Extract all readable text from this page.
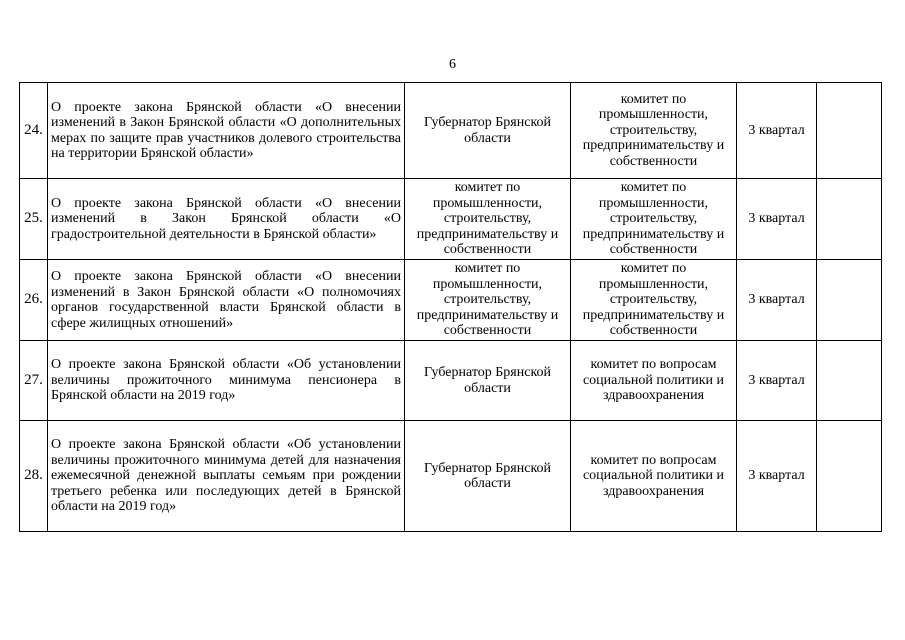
6
24.	О проекте закона Брянской области «О внесении изменений в Закон Брянской области «О дополнительных мерах по защите прав участников долевого строительства на территории Брянской области»	Губернатор Брянской области	комитет по промышленности, строительству, предпринимательству и собственности	3 квартал	
25.	О проекте закона Брянской области «О внесении изменений в Закон Брянской области «О градостроительной деятельности в Брянской области»	комитет по промышленности, строительству, предпринимательству и собственности	комитет по промышленности, строительству, предпринимательству и собственности	3 квартал	
26.	О проекте закона Брянской области «О внесении изменений в Закон Брянской области «О полномочиях органов государственной власти Брянской области в сфере жилищных отношений»	комитет по промышленности, строительству, предпринимательству и собственности	комитет по промышленности, строительству, предпринимательству и собственности	3 квартал	
27.	О проекте закона Брянской области «Об установлении величины прожиточного минимума пенсионера в Брянской области на 2019 год»	Губернатор Брянской области	комитет по вопросам социальной политики и здравоохранения	3 квартал	
28.	О проекте закона Брянской области «Об установлении величины прожиточного минимума детей для назначения ежемесячной денежной выплаты семьям при рождении третьего ребенка или последующих детей в Брянской области на 2019 год»	Губернатор Брянской области	комитет по вопросам социальной политики и здравоохранения	3 квартал	
